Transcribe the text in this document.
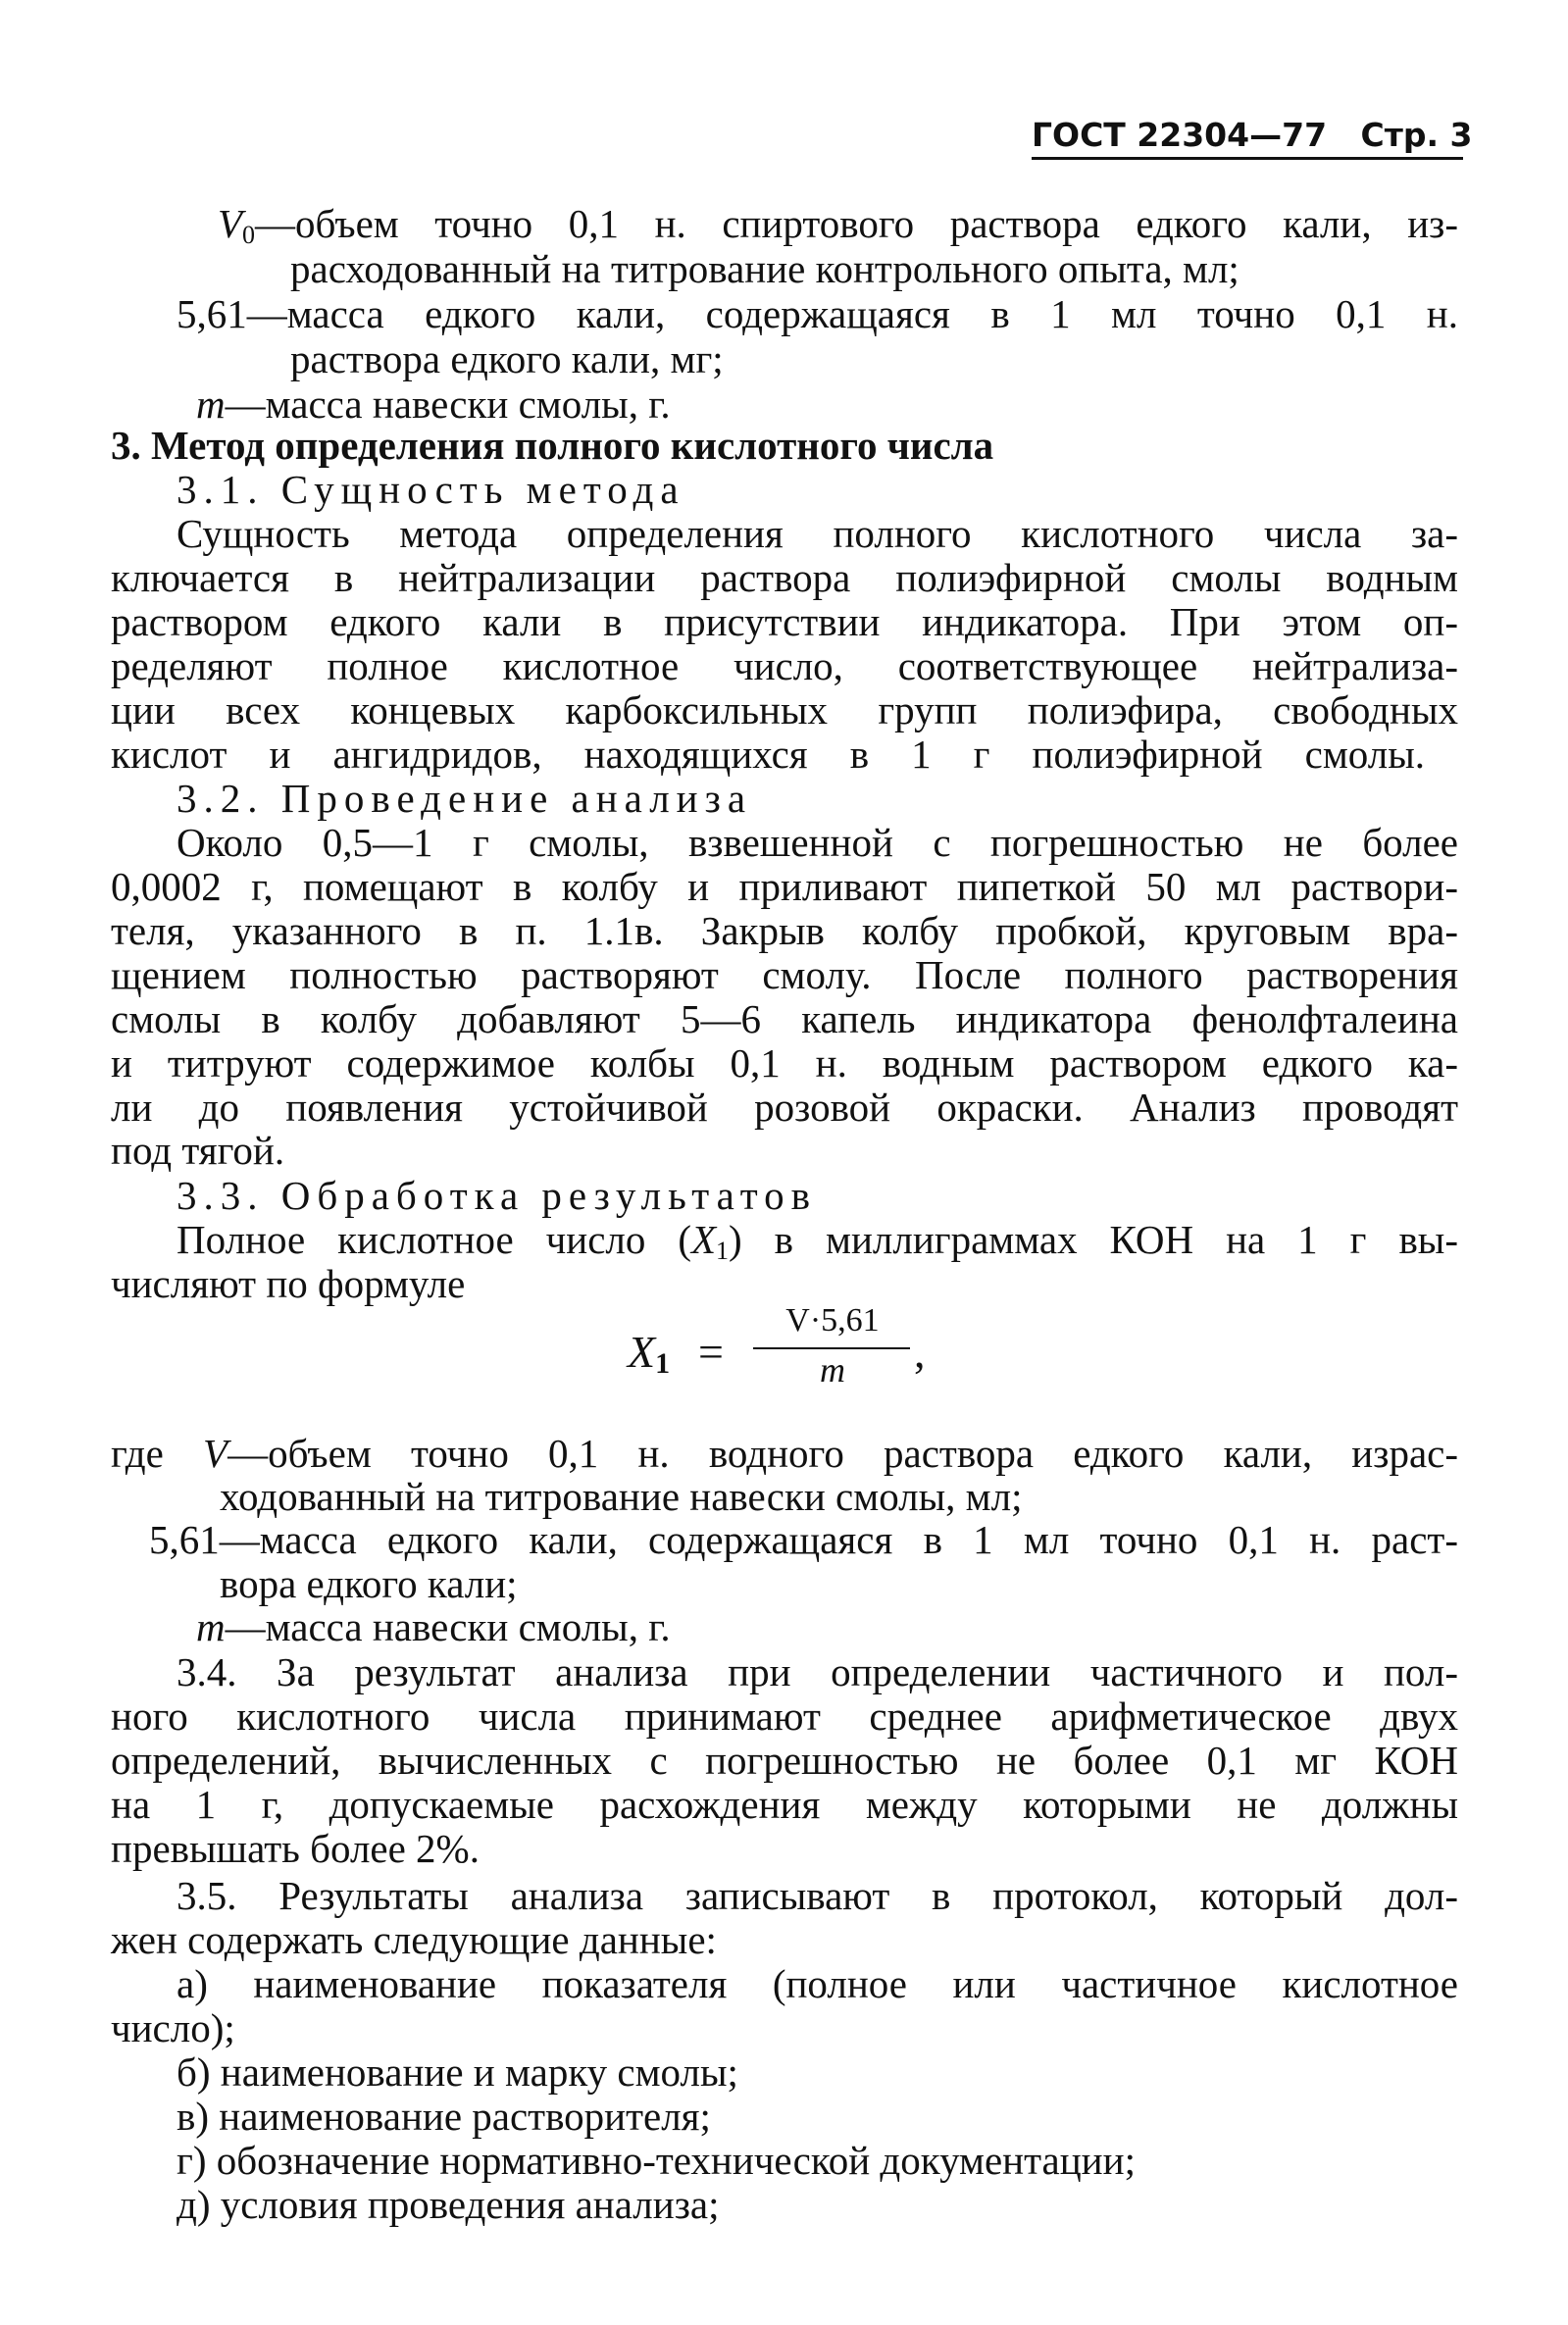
ГОСТ 22304—77 Стр. 3
$V_0—объем$ точно 0,1 н. спиртового раствора едкого кали, из-
расходованный на титрование контрольного опыта, мл;
5,61—масса едкого кали, содержащаяся в 1 мл точно 0,1 н.
раствора едкого кали, мг;
m—масса навески смолы, г.
3. Метод определения полного кислотного числа
3.1. Сущность метода
Сущность метода определения полного кислотного числа за-
ключается в нейтрализации раствора полиэфирной смолы водным
раствором едкого кали в присутствии индикатора. При этом оп-
ределяют полное кислотное число, соответствующее нейтрализа-
ции всех концевых карбоксильных групп полиэфира, свободных
кислот и ангидридов, находящихся в 1 г полиэфирной смолы.
3.2. Проведение анализа
Около 0,5—1 г смолы, взвешенной с погрешностью не более
0,0002 г, помещают в колбу и приливают пипеткой 50 мл раствори-
теля, указанного в п. 1.1в. Закрыв колбу пробкой, круговым вра-
щением полностью растворяют смолу. После полного растворения
смолы в колбу добавляют 5—6 капель индикатора фенолфталеина
и титруют содержимое колбы 0,1 н. водным раствором едкого ка-
ли до появления устойчивой розовой окраски. Анализ проводят
под тягой.
3.3. Обработка результатов
Полное кислотное число $(X_1)$ в миллиграммах КОН на 1 г вы-
числяют по формуле
$X_1$ =
V·5,61
m	,
где V—объем точно 0,1 н. водного раствора едкого кали, израс-
ходованный на титрование навески смолы, мл;
5,61—масса едкого кали, содержащаяся в 1 мл точно 0,1 н. раст-
вора едкого кали;
m—масса навески смолы, г.
3.4. За результат анализа при определении частичного и пол-
ного кислотного числа принимают среднее арифметическое двух
определений, вычисленных с погрешностью не более 0,1 мг КОН
на 1 г, допускаемые расхождения между которыми не должны
превышать более 2%.
3.5. Результаты анализа записывают в протокол, который дол-
жен содержать следующие данные:
а) наименование показателя (полное или частичное кислотное
число);
б) наименование и марку смолы;
в) наименование растворителя;
г) обозначение нормативно-технической документации;
д) условия проведения анализа;
